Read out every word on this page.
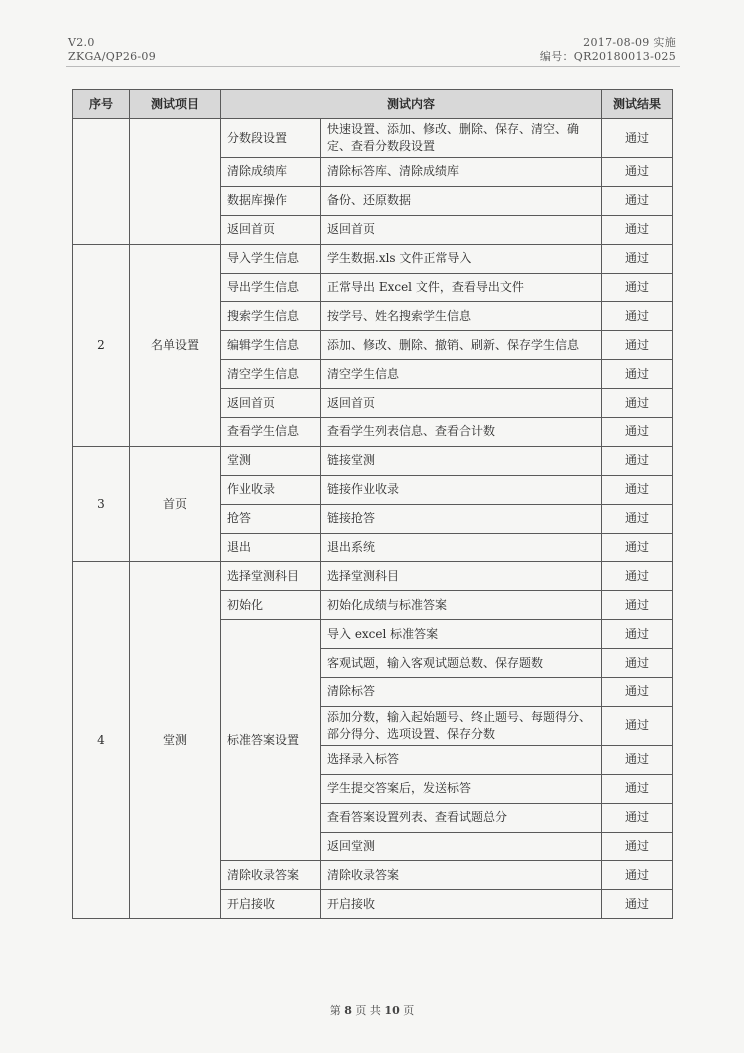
V2.0
ZKGA/QP26-09
2017-08-09 实施
编号：QR20180013-025
序号	测试项目	测试内容		测试结果
		分数段设置	快速设置、添加、修改、删除、保存、清空、确定、查看分数段设置	通过
		清除成绩库	清除标答库、清除成绩库	通过
		数据库操作	备份、还原数据	通过
		返回首页	返回首页	通过
2	名单设置	导入学生信息	学生数据.xls 文件正常导入	通过
		导出学生信息	正常导出 Excel 文件，查看导出文件	通过
		搜索学生信息	按学号、姓名搜索学生信息	通过
		编辑学生信息	添加、修改、删除、撤销、刷新、保存学生信息	通过
		清空学生信息	清空学生信息	通过
		返回首页	返回首页	通过
		查看学生信息	查看学生列表信息、查看合计数	通过
3	首页	堂测	链接堂测	通过
		作业收录	链接作业收录	通过
		抢答	链接抢答	通过
		退出	退出系统	通过
4	堂测	选择堂测科目	选择堂测科目	通过
		初始化	初始化成绩与标准答案	通过
		标准答案设置	导入 excel 标准答案	通过
			客观试题，输入客观试题总数、保存题数	通过
			清除标答	通过
			添加分数，输入起始题号、终止题号、每题得分、部分得分、选项设置、保存分数	通过
			选择录入标答	通过
			学生提交答案后，发送标答	通过
			查看答案设置列表、查看试题总分	通过
			返回堂测	通过
		清除收录答案	清除收录答案	通过
		开启接收	开启接收	通过
第 8 页 共 10 页
